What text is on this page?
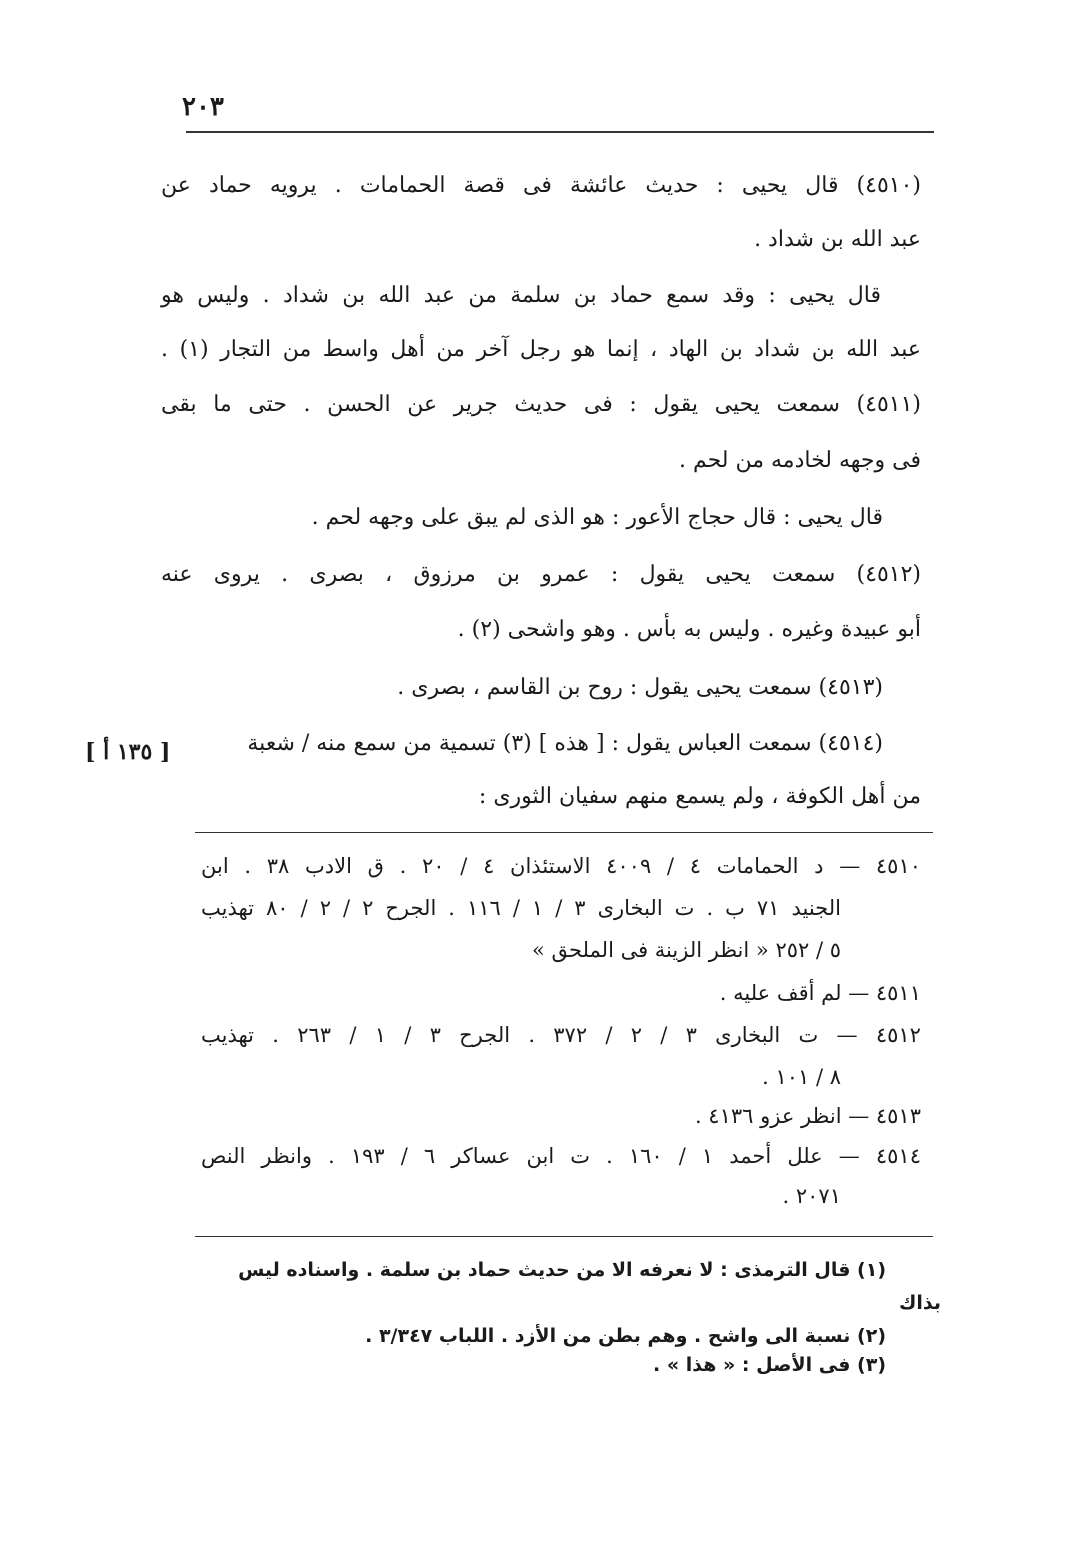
٢٠٣
(٤٥١٠) قال يحيى : حديث عائشة فى قصة الحمامات . يرويه حماد عن
عبد الله بن شداد .
قال يحيى : وقد سمع حماد بن سلمة من عبد الله بن شداد . وليس هو
عبد الله بن شداد بن الهاد ، إنما هو رجل آخر من أهل واسط من التجار (١) .
(٤٥١١) سمعت يحيى يقول : فى حديث جرير عن الحسن . حتى ما بقى
فى وجهه لخادمه من لحم .
قال يحيى : قال حجاج الأعور : هو الذى لم يبق على وجهه لحم .
(٤٥١٢) سمعت يحيى يقول : عمرو بن مرزوق ، بصرى . يروى عنه
أبو عبيدة وغيره . وليس به بأس . وهو واشحى (٢) .
(٤٥١٣) سمعت يحيى يقول : روح بن القاسم ، بصرى .
(٤٥١٤) سمعت العباس يقول : [ هذه ] (٣) تسمية من سمع منه / شعبة
[ ١٣٥ أ ]
من أهل الكوفة ، ولم يسمع منهم سفيان الثورى :
٤٥١٠ — د الحمامات ٤ / ٤٠٠٩ الاستئذان ٤ / ٢٠ . ق الادب ٣٨ . ابن
الجنيد ٧١ ب . ت البخارى ٣ / ١ / ١١٦ . الجرح ٢ / ٢ / ٨٠ تهذيب
٥ / ٢٥٢ « انظر الزينة فى الملحق »
٤٥١١ — لم أقف عليه .
٤٥١٢ — ت البخارى ٣ / ٢ / ٣٧٢ . الجرح ٣ / ١ / ٢٦٣ . تهذيب
٨ / ١٠١ .
٤٥١٣ — انظر عزو ٤١٣٦ .
٤٥١٤ — علل أحمد ١ / ١٦٠ . ت ابن عساكر ٦ / ١٩٣ . وانظر النص
٢٠٧١ .
(١) قال الترمذى : لا نعرفه الا من حديث حماد بن سلمة . واسناده ليس
بذاك
(٢) نسبة الى واشح . وهم بطن من الأزد . اللباب ٣/٣٤٧ .
(٣) فى الأصل : « هذا » .
